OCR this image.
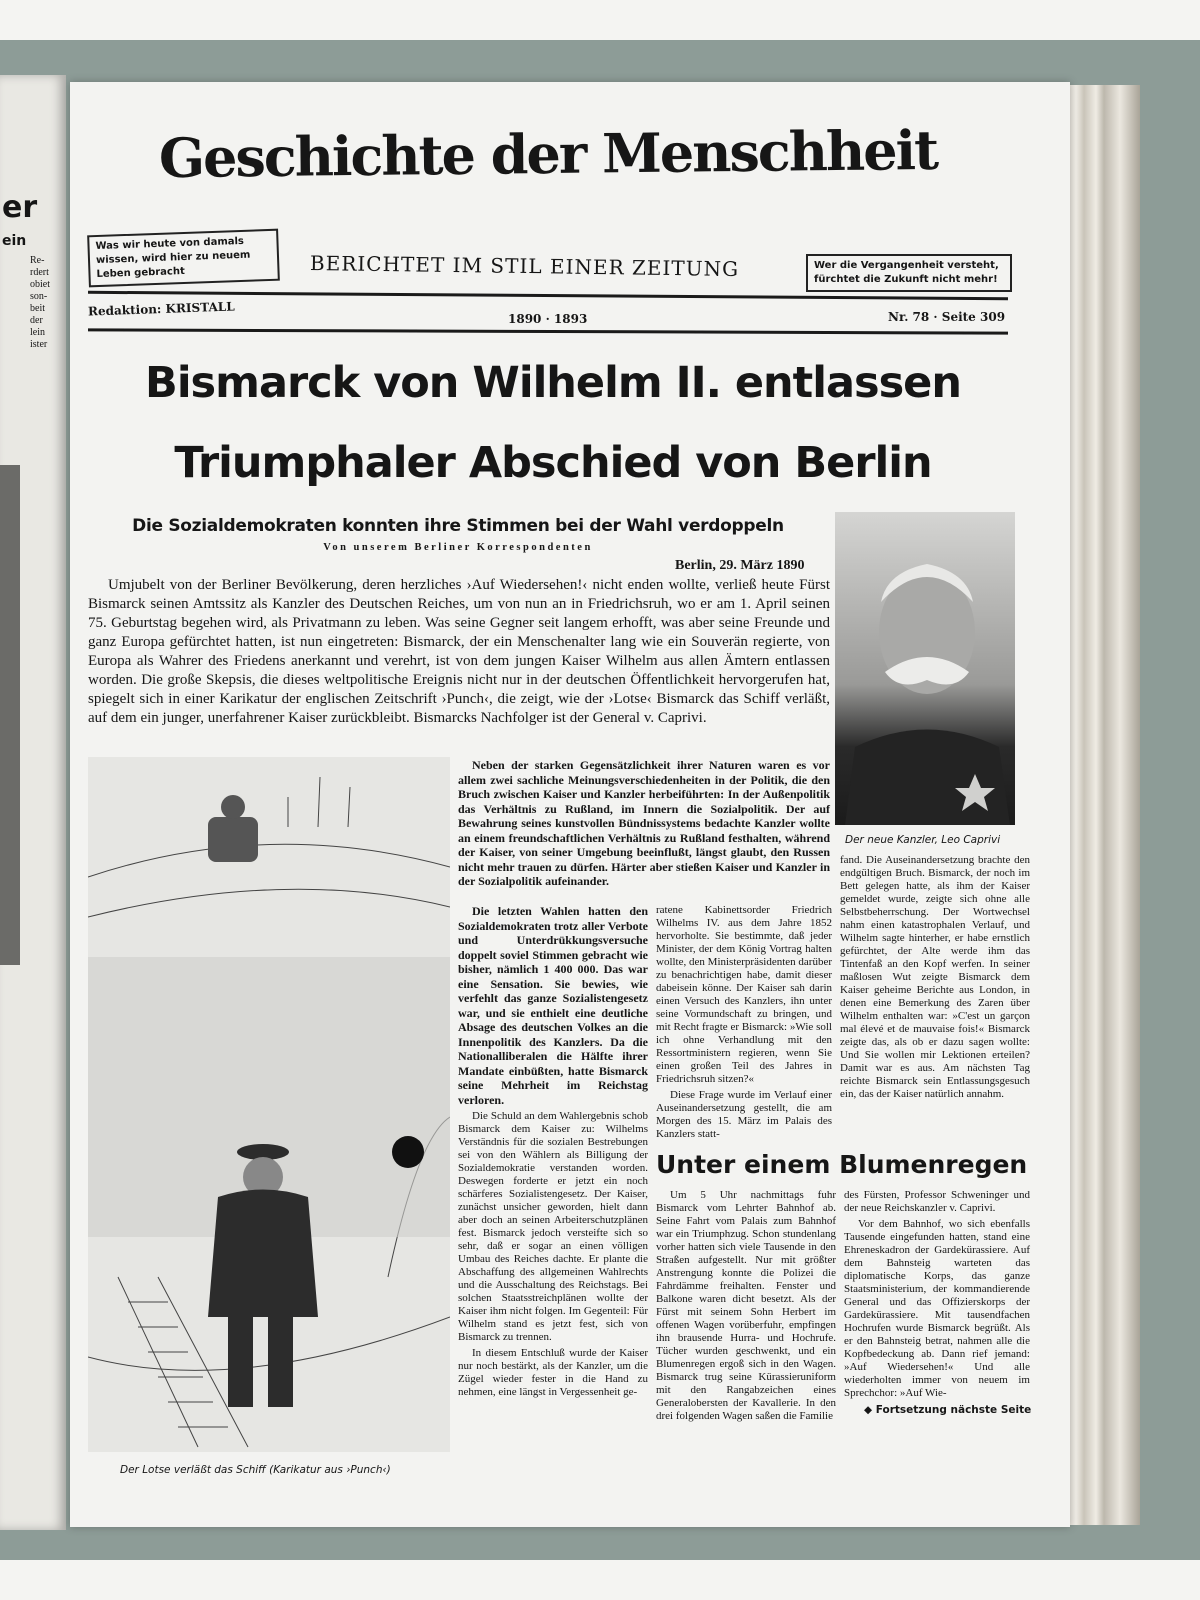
er
ein
Re-
rdert
obiet
son-
beit
der
lein
ister
Geschichte der Menschheit
Was wir heute von damals wissen, wird hier zu neuem Leben gebracht	BERICHTET IM STIL EINER ZEITUNG	Wer die Vergangenheit versteht, fürchtet die Zukunft nicht mehr!
Redaktion: KRISTALL
1890 · 1893	Nr. 78 · Seite 309
Bismarck von Wilhelm II. entlassen
Triumphaler Abschied von Berlin
Die Sozialdemokraten konnten ihre Stimmen bei der Wahl verdoppeln
Von unserem Berliner Korrespondenten
Berlin, 29. März 1890
Umjubelt von der Berliner Bevölkerung, deren herzliches ›Auf Wiedersehen!‹ nicht enden wollte, verließ heute Fürst Bismarck seinen Amtssitz als Kanzler des Deutschen Reiches, um von nun an in Friedrichsruh, wo er am 1. April seinen 75. Geburtstag begehen wird, als Privatmann zu leben. Was seine Gegner seit langem erhofft, was aber seine Freunde und ganz Europa gefürchtet hatten, ist nun eingetreten: Bismarck, der ein Menschenalter lang wie ein Souverän regierte, von Europa als Wahrer des Friedens anerkannt und verehrt, ist von dem jungen Kaiser Wilhelm aus allen Ämtern entlassen worden. Die große Skepsis, die dieses weltpolitische Ereignis nicht nur in der deutschen Öffentlichkeit hervorgerufen hat, spiegelt sich in einer Karikatur der englischen Zeitschrift ›Punch‹, die zeigt, wie der ›Lotse‹ Bismarck das Schiff verläßt, auf dem ein junger, unerfahrener Kaiser zurückbleibt. Bismarcks Nachfolger ist der General v. Caprivi.
Der neue Kanzler, Leo Caprivi
Der Lotse verläßt das Schiff (Karikatur aus ›Punch‹)

Neben der starken Gegensätzlichkeit ihrer Naturen waren es vor allem zwei sachliche Meinungsverschiedenheiten in der Politik, die den Bruch zwischen Kaiser und Kanzler herbeiführten: In der Außenpolitik das Verhältnis zu Rußland, im Innern die Sozialpolitik. Der auf Bewahrung seines kunstvollen Bündnissystems bedachte Kanzler wollte an einem freundschaftlichen Verhältnis zu Rußland festhalten, während der Kaiser, von seiner Umgebung beeinflußt, längst glaubt, den Russen nicht mehr trauen zu dürfen. Härter aber stießen Kaiser und Kanzler in der Sozialpolitik aufeinander.

Die letzten Wahlen hatten den Sozialdemokraten trotz aller Verbote und Unterdrükkungsversuche doppelt soviel Stimmen gebracht wie bisher, nämlich 1 400 000. Das war eine Sensation. Sie bewies, wie verfehlt das ganze Sozialistengesetz war, und sie enthielt eine deutliche Absage des deutschen Volkes an die Innenpolitik des Kanzlers. Da die Nationalliberalen die Hälfte ihrer Mandate einbüßten, hatte Bismarck seine Mehrheit im Reichstag verloren.

Die Schuld an dem Wahlergebnis schob Bismarck dem Kaiser zu: Wilhelms Verständnis für die sozialen Bestrebungen sei von den Wählern als Billigung der Sozialdemokratie verstanden worden. Deswegen forderte er jetzt ein noch schärferes Sozialistengesetz. Der Kaiser, zunächst unsicher geworden, hielt dann aber doch an seinen Arbeiterschutzplänen fest. Bismarck jedoch versteifte sich so sehr, daß er sogar an einen völligen Umbau des Reiches dachte. Er plante die Abschaffung des allgemeinen Wahlrechts und die Ausschaltung des Reichstags. Bei solchen Staatsstreichplänen wollte der Kaiser ihm nicht folgen. Im Gegenteil: Für Wilhelm stand es jetzt fest, sich von Bismarck zu trennen.

In diesem Entschluß wurde der Kaiser nur noch bestärkt, als der Kanzler, um die Zügel wieder fester in die Hand zu nehmen, eine längst in Vergessenheit ge-

ratene Kabinettsorder Friedrich Wilhelms IV. aus dem Jahre 1852 hervorholte. Sie bestimmte, daß jeder Minister, der dem König Vortrag halten wollte, den Ministerpräsidenten darüber zu benachrichtigen habe, damit dieser dabeisein könne. Der Kaiser sah darin einen Versuch des Kanzlers, ihn unter seine Vormundschaft zu bringen, und mit Recht fragte er Bismarck: »Wie soll ich ohne Verhandlung mit den Ressortministern regieren, wenn Sie einen großen Teil des Jahres in Friedrichsruh sitzen?«

Diese Frage wurde im Verlauf einer Auseinandersetzung gestellt, die am Morgen des 15. März im Palais des Kanzlers statt-

fand. Die Auseinandersetzung brachte den endgültigen Bruch. Bismarck, der noch im Bett gelegen hatte, als ihm der Kaiser gemeldet wurde, zeigte sich ohne alle Selbstbeherrschung. Der Wortwechsel nahm einen katastrophalen Verlauf, und Wilhelm sagte hinterher, er habe ernstlich gefürchtet, der Alte werde ihm das Tintenfaß an den Kopf werfen. In seiner maßlosen Wut zeigte Bismarck dem Kaiser geheime Berichte aus London, in denen eine Bemerkung des Zaren über Wilhelm enthalten war: »C'est un garçon mal élevé et de mauvaise fois!« Bismarck zeigte das, als ob er dazu sagen wollte: Und Sie wollen mir Lektionen erteilen? Damit war es aus. Am nächsten Tag reichte Bismarck sein Entlassungsgesuch ein, das der Kaiser natürlich annahm.

Unter einem Blumenregen

Um 5 Uhr nachmittags fuhr Bismarck vom Lehrter Bahnhof ab. Seine Fahrt vom Palais zum Bahnhof war ein Triumphzug. Schon stundenlang vorher hatten sich viele Tausende in den Straßen aufgestellt. Nur mit größter Anstrengung konnte die Polizei die Fahrdämme freihalten. Fenster und Balkone waren dicht besetzt. Als der Fürst mit seinem Sohn Herbert im offenen Wagen vorüberfuhr, empfingen ihn brausende Hurra- und Hochrufe. Tücher wurden geschwenkt, und ein Blumenregen ergoß sich in den Wagen. Bismarck trug seine Kürassieruniform mit den Rangabzeichen eines Generalobersten der Kavallerie. In den drei folgenden Wagen saßen die Familie

des Fürsten, Professor Schweninger und der neue Reichskanzler v. Caprivi.

Vor dem Bahnhof, wo sich ebenfalls Tausende eingefunden hatten, stand eine Ehreneskadron der Gardekürassiere. Auf dem Bahnsteig warteten das diplomatische Korps, das ganze Staatsministerium, der kommandierende General und das Offizierskorps der Gardekürassiere. Mit tausendfachen Hochrufen wurde Bismarck begrüßt. Als er den Bahnsteig betrat, nahmen alle die Kopfbedeckung ab. Dann rief jemand: »Auf Wiedersehen!« Und alle wiederholten immer von neuem im Sprechchor: »Auf Wie-

◆ Fortsetzung nächste Seite
